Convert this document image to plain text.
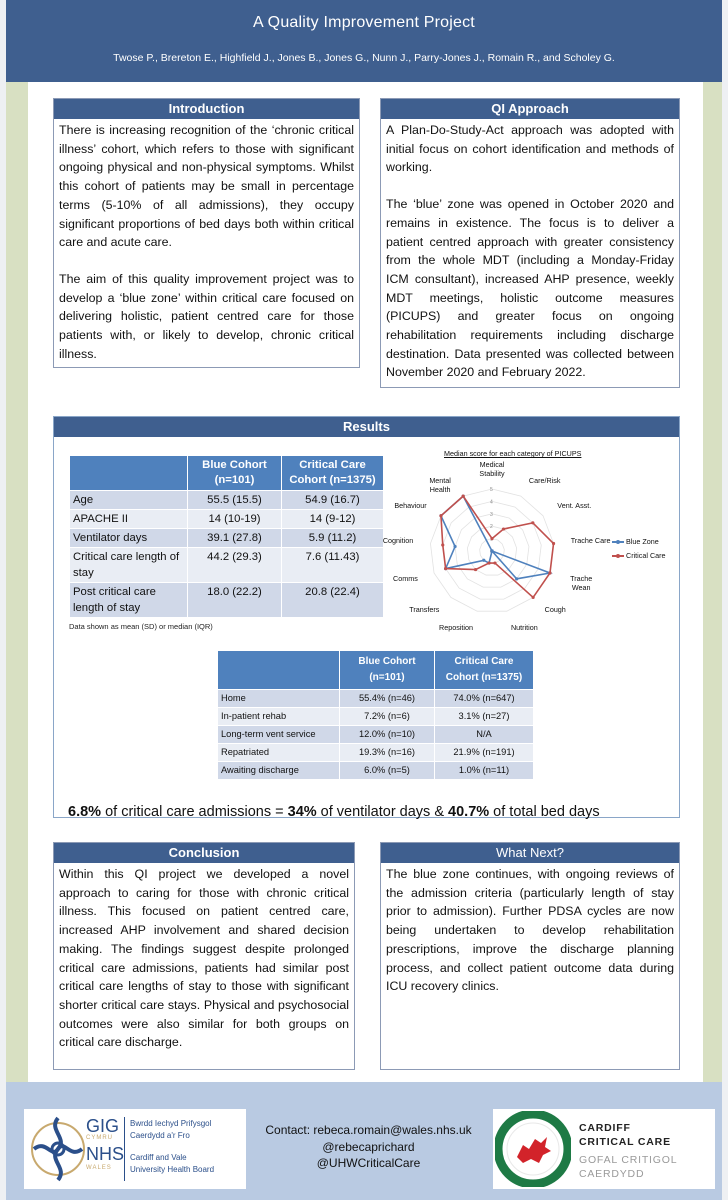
A Quality Improvement Project
Twose P., Brereton E., Highfield J., Jones B., Jones G., Nunn J., Parry-Jones J., Romain R., and Scholey G.
Introduction

There is increasing recognition of the ‘chronic critical illness’ cohort, which refers to those with significant ongoing physical and non-physical symptoms. Whilst this cohort of patients may be small in percentage terms (5-10% of all admissions), they occupy significant proportions of bed days both within critical care and acute care.

The aim of this quality improvement project was to develop a ‘blue zone’ within critical care focused on delivering holistic, patient centred care for those patients with, or likely to develop, chronic critical illness.

QI Approach

A Plan-Do-Study-Act approach was adopted with initial focus on cohort identification and methods of working.

The ‘blue’ zone was opened in October 2020 and remains in existence. The focus is to deliver a patient centred approach with greater consistency from the whole MDT (including a Monday-Friday ICM consultant), increased AHP presence, weekly MDT meetings, holistic outcome measures (PICUPS) and greater focus on ongoing rehabilitation requirements including discharge destination. Data presented was collected between November 2020 and February 2022.

Results
	Blue Cohort (n=101)	Critical Care Cohort (n=1375)
Age	55.5 (15.5)	54.9 (16.7)
APACHE II	14 (10-19)	14 (9-12)
Ventilator days	39.1 (27.8)	5.9 (11.2)
Critical care length of stay	44.2 (29.3)	7.6 (11.43)
Post critical care length of stay	18.0 (22.2)	20.8 (22.4)
Data shown as mean (SD) or median (IQR)
Median score for each category of PICUPS
2
3
4
5
Medical Stability
Care/Risk
Vent. Asst.
Trache Care
Trache Wean
Cough
Nutrition
Reposition
Transfers
Comms
Cognition
Behaviour
Mental Health
Blue Zone
Critical Care
	Blue Cohort (n=101)	Critical Care Cohort (n=1375)
Home	55.4% (n=46)	74.0% (n=647)
In-patient rehab	7.2% (n=6)	3.1% (n=27)
Long-term vent service	12.0% (n=10)	N/A
Repatriated	19.3% (n=16)	21.9% (n=191)
Awaiting discharge	6.0% (n=5)	1.0% (n=11)
6.8% of critical care admissions = 34% of ventilator days & 40.7% of total bed days
Conclusion

Within this QI project we developed a novel approach to caring for those with chronic critical illness. This focused on patient centred care, increased AHP involvement and shared decision making. The findings suggest despite prolonged critical care admissions, patients had similar post critical care lengths of stay to those with significant shorter critical care stays. Physical and psychosocial outcomes were also similar for both groups on critical care discharge.

What Next?

The blue zone continues, with ongoing reviews of the admission criteria (particularly length of stay prior to admission). Further PDSA cycles are now being undertaken to develop rehabilitation prescriptions, improve the discharge planning process, and collect patient outcome data during ICU recovery clinics.

GIG
CYMRU
NHS
WALES
Bwrdd Iechyd Prifysgol
Caerdydd a'r Fro
Cardiff and Vale
University Health Board
Contact: rebeca.romain@wales.nhs.uk
@rebecaprichard
@UHWCriticalCare
CARDIFF
CRITICAL CARE
GOFAL CRITIGOL
CAERDYDD
